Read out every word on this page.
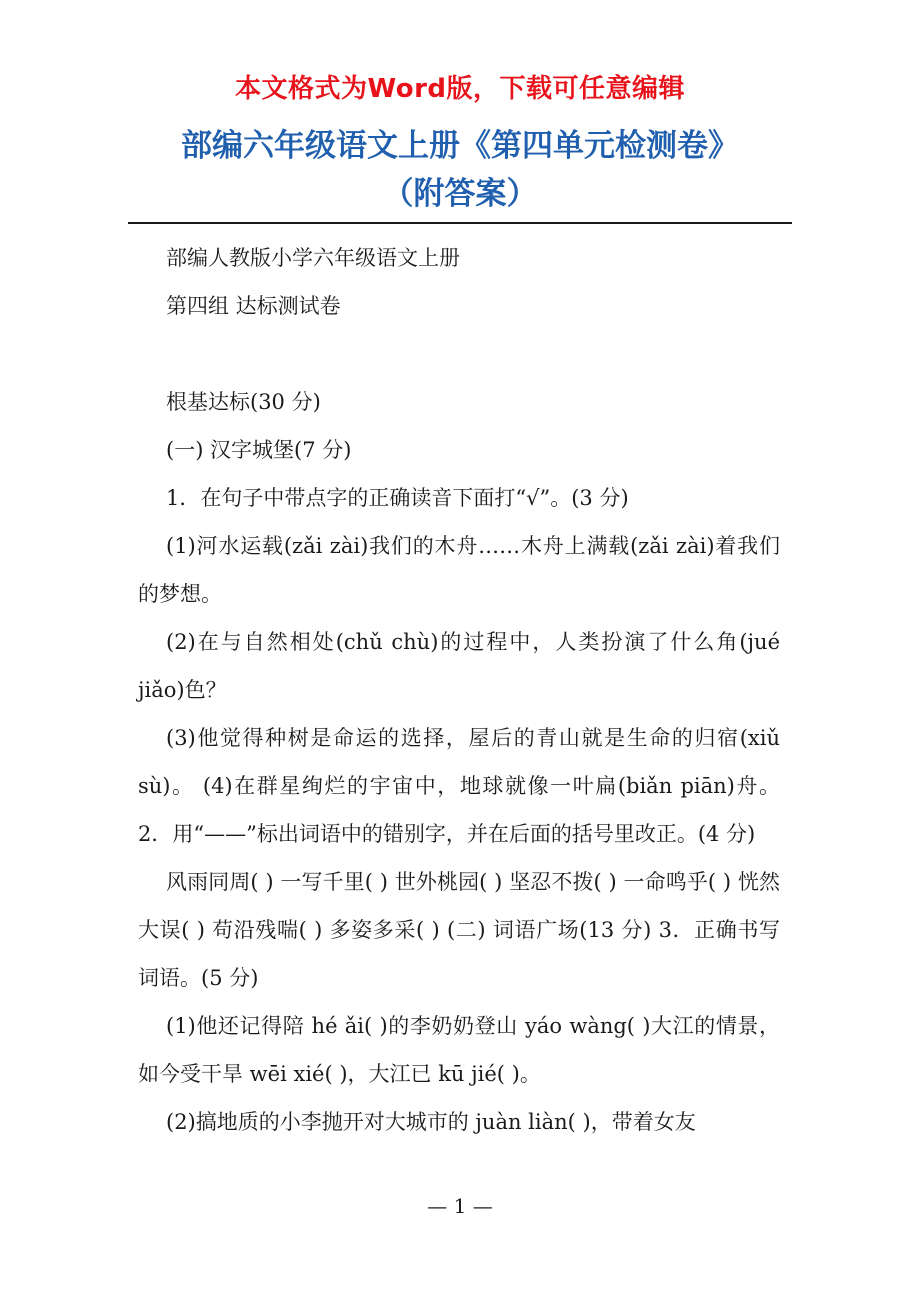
本文格式为Word版，下载可任意编辑
部编六年级语文上册《第四单元检测卷》
（附答案）

部编人教版小学六年级语文上册

第四组 达标测试卷

根基达标(30 分)

(一) 汉字城堡(7 分)

1．在句子中带点字的正确读音下面打“√”。(3 分)

(1)河水运载(zǎi zài)我们的木舟……木舟上满载(zǎi zài)着我们的梦想。

(2)在与自然相处(chǔ chù)的过程中，人类扮演了什么角(jué jiǎo)色？

(3)他觉得种树是命运的选择，屋后的青山就是生命的归宿(xiǔ sù)。 (4)在群星绚烂的宇宙中，地球就像一叶扁(biǎn piān)舟。 2．用“——”标出词语中的错别字，并在后面的括号里改正。(4 分)

风雨同周( ) 一写千里( ) 世外桃园( ) 坚忍不拨( ) 一命鸣乎( ) 恍然大误( ) 苟沿残喘( ) 多姿多采( ) (二) 词语广场(13 分) 3．正确书写词语。(5 分)

(1)他还记得陪 hé ǎi( )的李奶奶登山 yáo wàng( )大江的情景，如今受干旱 wēi xié( )，大江已 kū jié( )。

(2)搞地质的小李抛开对大城市的 juàn liàn( )，带着女友

— 1 —
